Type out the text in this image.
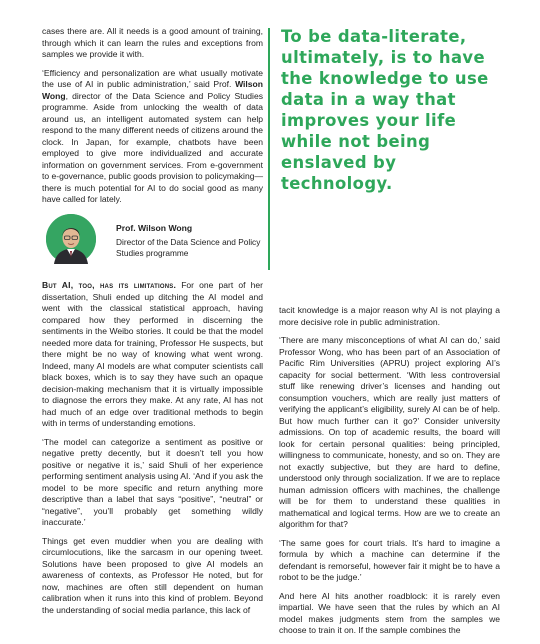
cases there are. All it needs is a good amount of training, through which it can learn the rules and exceptions from samples we provide it with.

‘Efficiency and personalization are what usually motivate the use of AI in public administration,’ said Prof. Wilson Wong, director of the Data Science and Policy Studies programme. Aside from unlocking the wealth of data around us, an intelligent automated system can help respond to the many different needs of citizens around the clock. In Japan, for example, chatbots have been employed to give more individualized and accurate information on government services. From e-government to e-governance, public goods provision to policymaking—there is much potential for AI to do social good as many have called for lately.

To be data-literate, ultimately, is to have the knowledge to use data in a way that improves your life while not being enslaved by technology.
Prof. Wilson Wong
Director of the Data Science and Policy Studies programme

But AI, too, has its limitations. For one part of her dissertation, Shuli ended up ditching the AI model and went with the classical statistical approach, having compared how they performed in discerning the sentiments in the Weibo stories. It could be that the model needed more data for training, Professor He suspects, but there might be no way of knowing what went wrong. Indeed, many AI models are what computer scientists call black boxes, which is to say they have such an opaque decision-making mechanism that it is virtually impossible to diagnose the errors they make. At any rate, AI has not had much of an edge over traditional methods to begin with in terms of understanding emotions.

‘The model can categorize a sentiment as positive or negative pretty decently, but it doesn’t tell you how positive or negative it is,’ said Shuli of her experience performing sentiment analysis using AI. ‘And if you ask the model to be more specific and return anything more descriptive than a label that says “positive”, “neutral” or “negative”, you’ll probably get something wildly inaccurate.’

Things get even muddier when you are dealing with circumlocutions, like the sarcasm in our opening tweet. Solutions have been proposed to give AI models an awareness of contexts, as Professor He noted, but for now, machines are often still dependent on human calibration when it runs into this kind of problem. Beyond the understanding of social media parlance, this lack of

tacit knowledge is a major reason why AI is not playing a more decisive role in public administration.

‘There are many misconceptions of what AI can do,’ said Professor Wong, who has been part of an Association of Pacific Rim Universities (APRU) project exploring AI’s capacity for social betterment. ‘With less controversial stuff like renewing driver’s licenses and handing out consumption vouchers, which are really just matters of verifying the applicant’s eligibility, surely AI can be of help. But how much further can it go?’ Consider university admissions. On top of academic results, the board will look for certain personal qualities: being principled, willingness to communicate, honesty, and so on. They are not exactly subjective, but they are hard to define, understood only through socialization. If we are to replace human admission officers with machines, the challenge will be for them to understand these qualities in mathematical and logical terms. How are we to create an algorithm for that?

‘The same goes for court trials. It’s hard to imagine a formula by which a machine can determine if the defendant is remorseful, however fair it might be to have a robot to be the judge.’

And here AI hits another roadblock: it is rarely even impartial. We have seen that the rules by which an AI model makes judgments stem from the samples we choose to train it on. If the sample combines the
